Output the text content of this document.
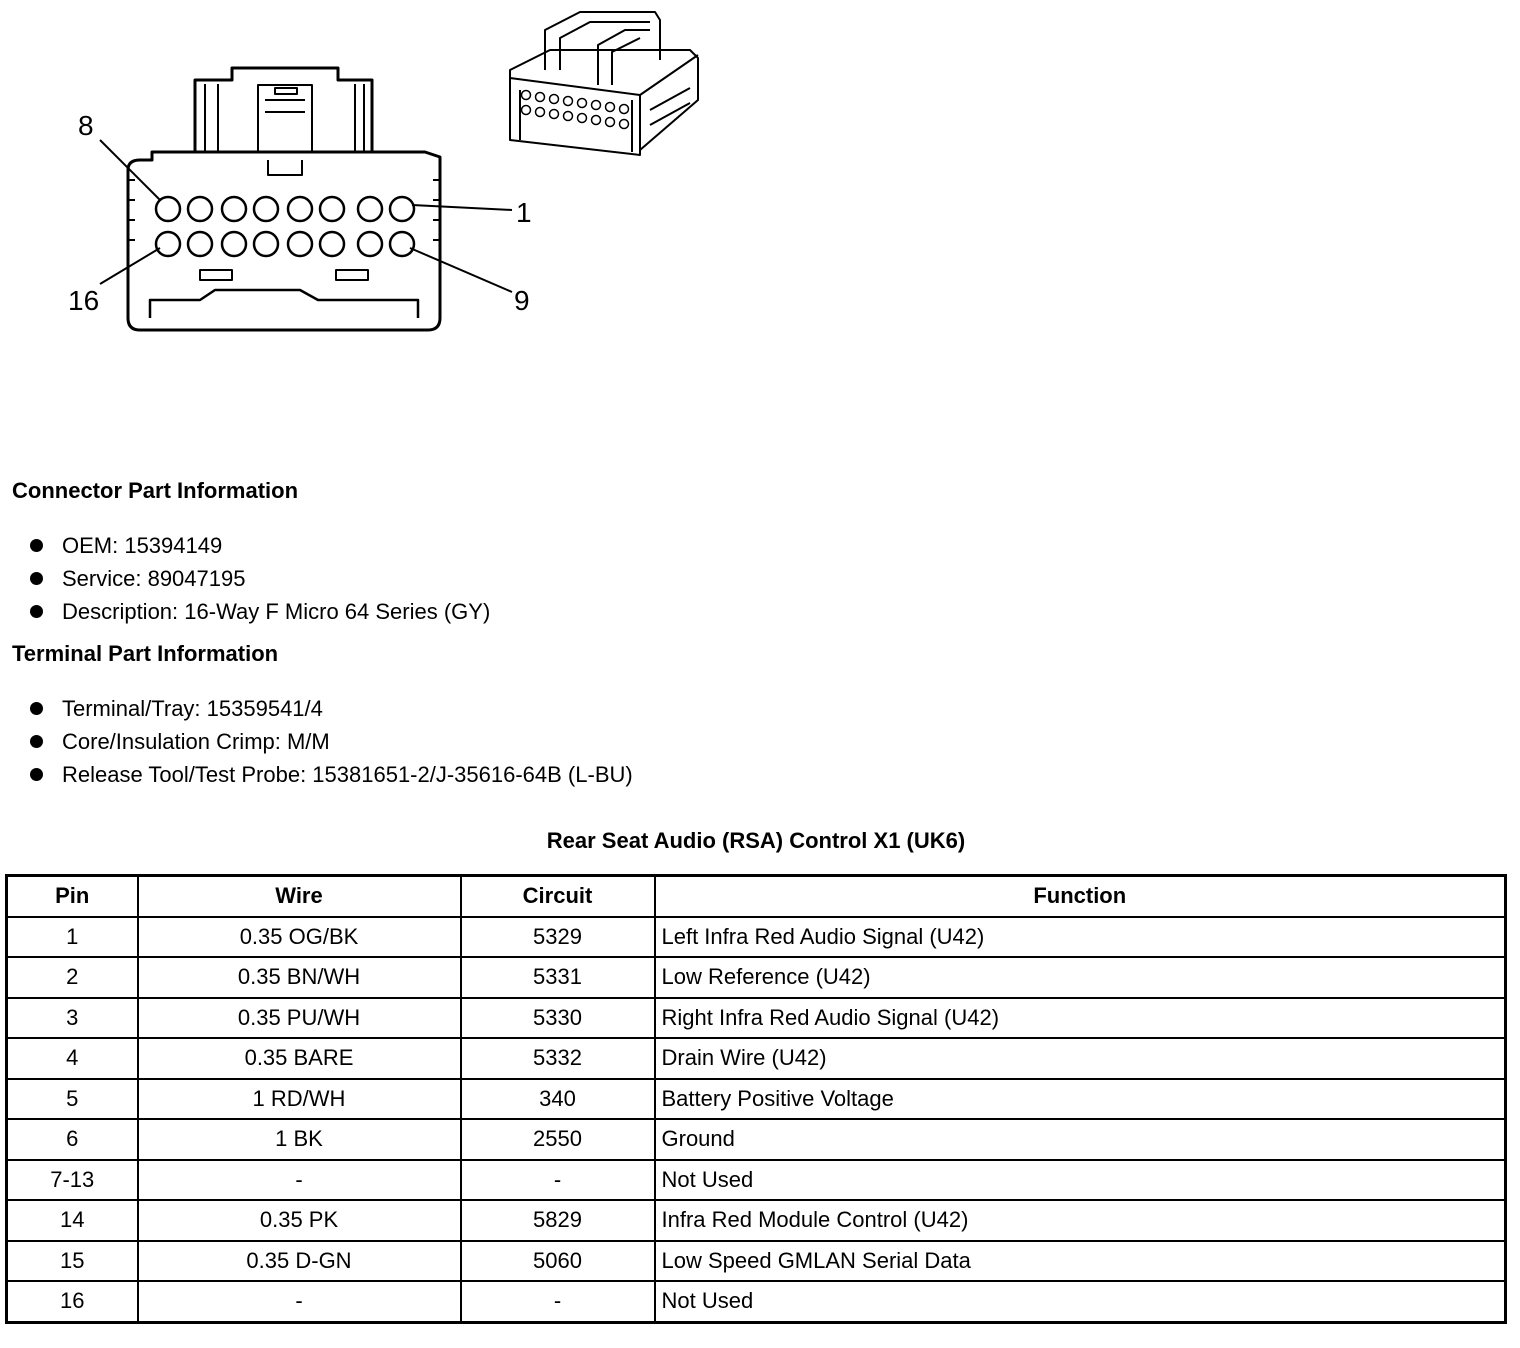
8
1
16	9
Connector Part Information
OEM: 15394149
Service: 89047195
Description: 16-Way F Micro 64 Series (GY)
Terminal Part Information
Terminal/Tray: 15359541/4
Core/Insulation Crimp: M/M
Release Tool/Test Probe: 15381651-2/J-35616-64B (L-BU)
Rear Seat Audio (RSA) Control X1 (UK6)
Pin	Wire	Circuit	Function
1	0.35 OG/BK	5329	Left Infra Red Audio Signal (U42)
2	0.35 BN/WH	5331	Low Reference (U42)
3	0.35 PU/WH	5330	Right Infra Red Audio Signal (U42)
4	0.35 BARE	5332	Drain Wire (U42)
5	1 RD/WH	340	Battery Positive Voltage
6	1 BK	2550	Ground
7-13	-	-	Not Used
14	0.35 PK	5829	Infra Red Module Control (U42)
15	0.35 D-GN	5060	Low Speed GMLAN Serial Data
16	-	-	Not Used
